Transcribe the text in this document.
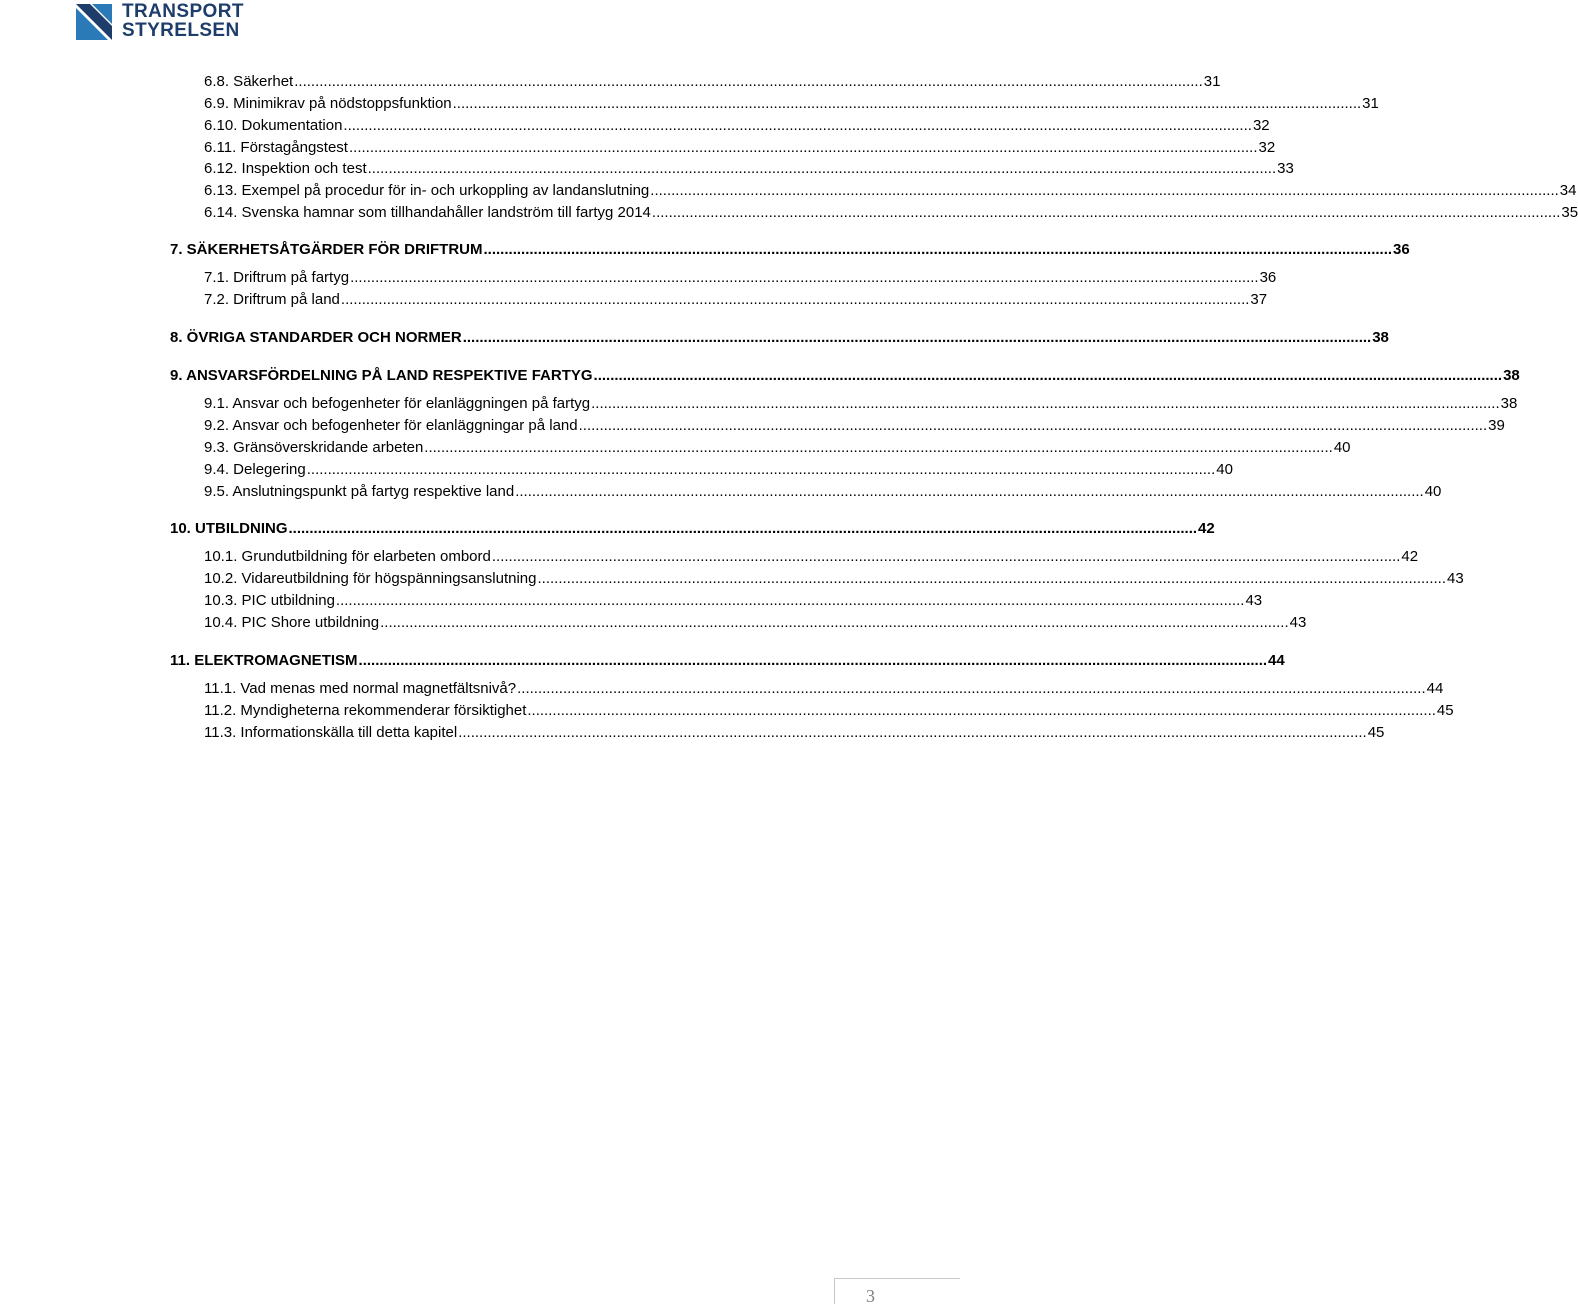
TRANSPORT
STYRELSEN
6.8. Säkerhet .......................................................................................................................................................................................................................... 31
6.9. Minimikrav på nödstoppsfunktion .......................................................................................................................................................................................................................... 31
6.10. Dokumentation .......................................................................................................................................................................................................................... 32
6.11. Förstagångstest .......................................................................................................................................................................................................................... 32
6.12. Inspektion och test .......................................................................................................................................................................................................................... 33
6.13. Exempel på procedur för in- och urkoppling av landanslutning .......................................................................................................................................................................................................................... 34
6.14. Svenska hamnar som tillhandahåller landström till fartyg 2014 .......................................................................................................................................................................................................................... 35
7. SÄKERHETSÅTGÄRDER FÖR DRIFTRUM .......................................................................................................................................................................................................................... 36
7.1. Driftrum på fartyg .......................................................................................................................................................................................................................... 36
7.2. Driftrum på land .......................................................................................................................................................................................................................... 37
8. ÖVRIGA STANDARDER OCH NORMER .......................................................................................................................................................................................................................... 38
9. ANSVARSFÖRDELNING PÅ LAND RESPEKTIVE FARTYG .......................................................................................................................................................................................................................... 38
9.1. Ansvar och befogenheter för elanläggningen på fartyg .......................................................................................................................................................................................................................... 38
9.2. Ansvar och befogenheter för elanläggningar på land .......................................................................................................................................................................................................................... 39
9.3. Gränsöverskridande arbeten .......................................................................................................................................................................................................................... 40
9.4. Delegering .......................................................................................................................................................................................................................... 40
9.5. Anslutningspunkt på fartyg respektive land .......................................................................................................................................................................................................................... 40
10. UTBILDNING .......................................................................................................................................................................................................................... 42
10.1. Grundutbildning för elarbeten ombord .......................................................................................................................................................................................................................... 42
10.2. Vidareutbildning för högspänningsanslutning .......................................................................................................................................................................................................................... 43
10.3. PIC utbildning .......................................................................................................................................................................................................................... 43
10.4. PIC Shore utbildning .......................................................................................................................................................................................................................... 43
11. ELEKTROMAGNETISM .......................................................................................................................................................................................................................... 44
11.1. Vad menas med normal magnetfältsnivå? .......................................................................................................................................................................................................................... 44
11.2. Myndigheterna rekommenderar försiktighet .......................................................................................................................................................................................................................... 45
11.3. Informationskälla till detta kapitel .......................................................................................................................................................................................................................... 45
3
